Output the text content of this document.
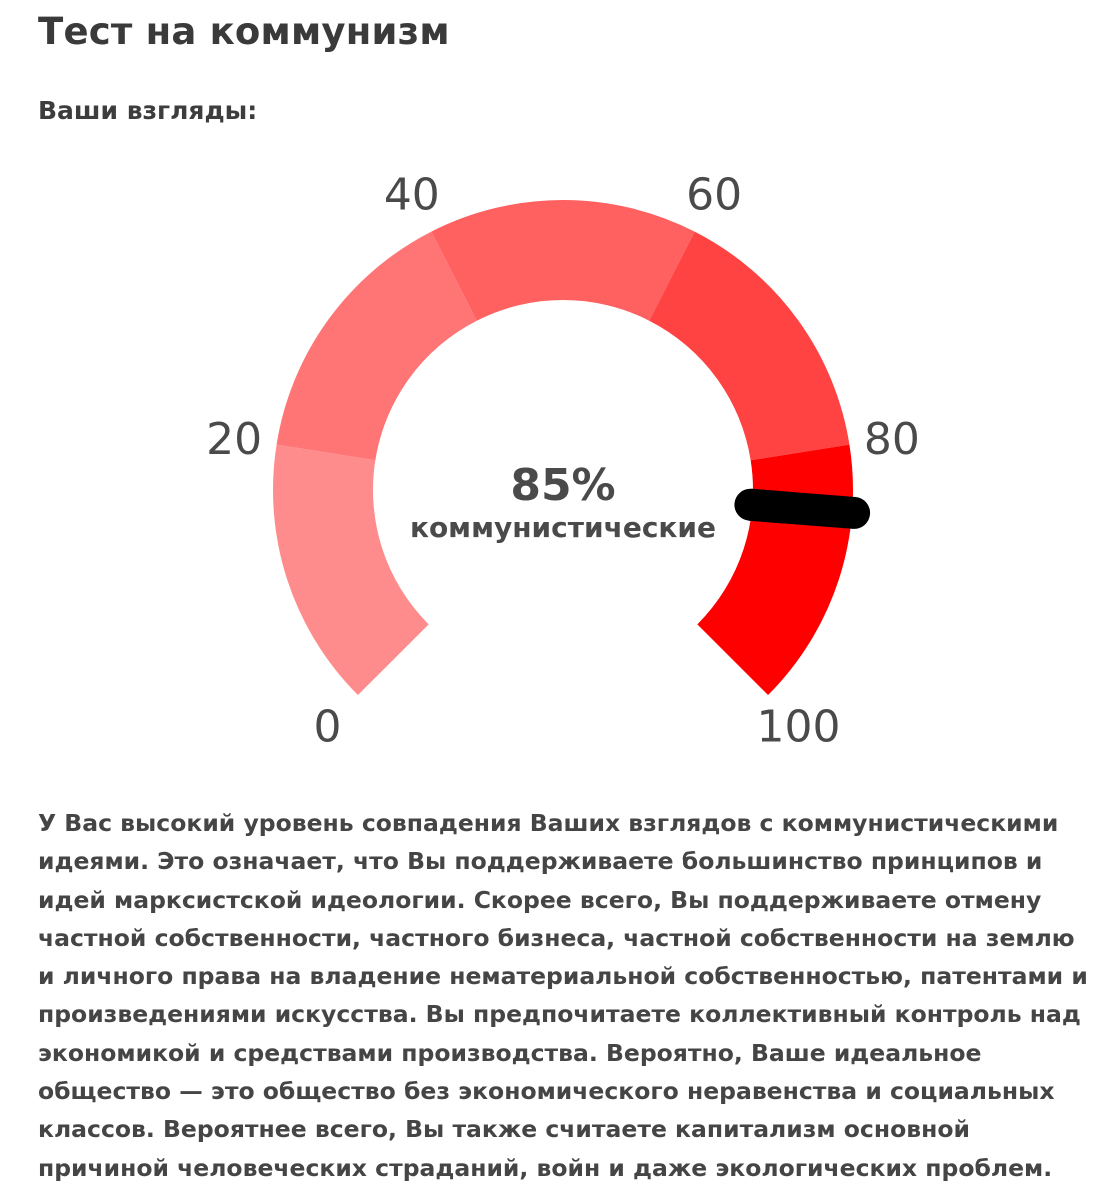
Тест на коммунизм
Ваши взгляды:
0
20
40	60
80
100
85%
коммунистические

У Вас высокий уровень совпадения Ваших взглядов с коммунистическими идеями. Это означает, что Вы поддерживаете большинство принципов и идей марксистской идеологии. Скорее всего, Вы поддерживаете отмену частной собственности, частного бизнеса, частной собственности на землю и личного права на владение нематериальной собственностью, патентами и произведениями искусства. Вы предпочитаете коллективный контроль над экономикой и средствами производства. Вероятно, Ваше идеальное общество — это общество без экономического неравенства и социальных классов. Вероятнее всего, Вы также считаете капитализм основной причиной человеческих страданий, войн и даже экологических проблем.
